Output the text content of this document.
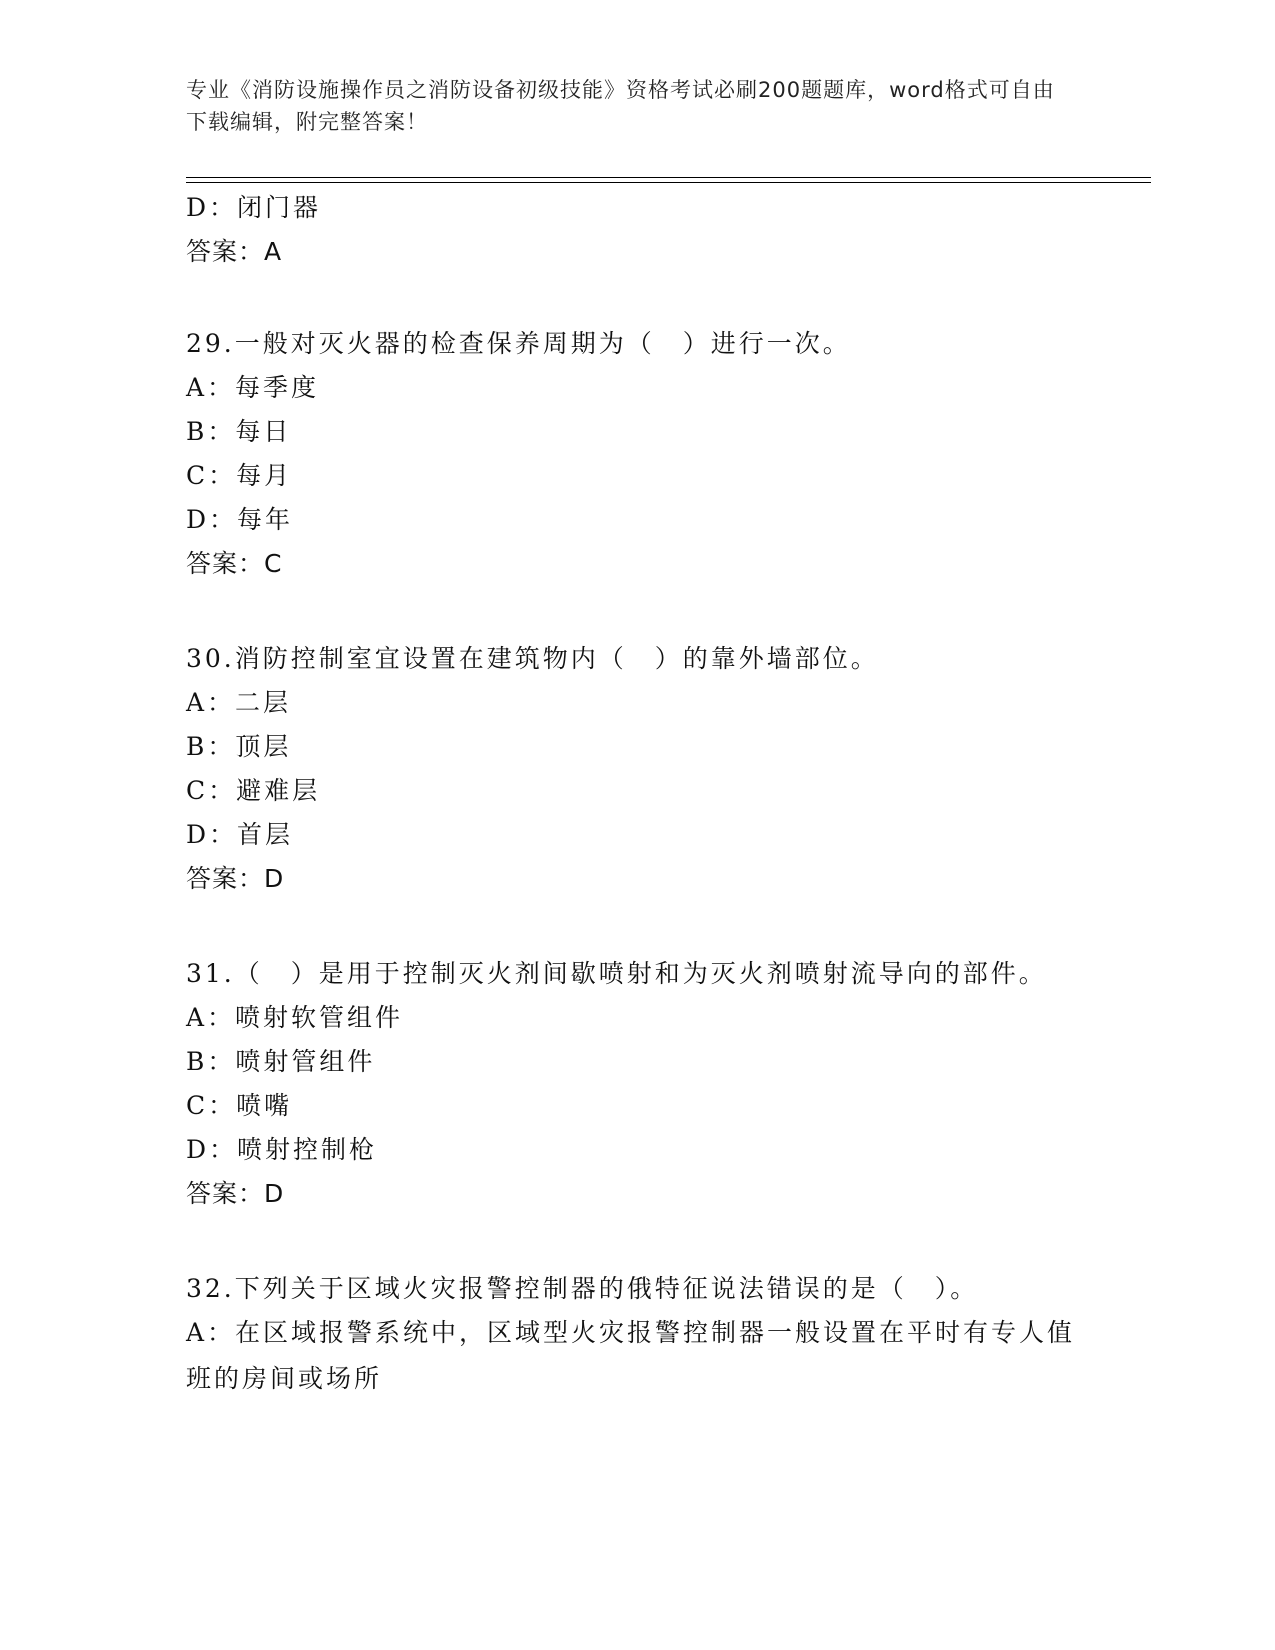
专业《消防设施操作员之消防设备初级技能》资格考试必刷200题题库，word格式可自由下载编辑，附完整答案！
D：闭门器
答案：A
29.一般对灭火器的检查保养周期为（　）进行一次。
A：每季度
B：每日
C：每月
D：每年
答案：C
30.消防控制室宜设置在建筑物内（　）的靠外墙部位。
A：二层
B：顶层
C：避难层
D：首层
答案：D
31.（　）是用于控制灭火剂间歇喷射和为灭火剂喷射流导向的部件。
A：喷射软管组件
B：喷射管组件
C：喷嘴
D：喷射控制枪
答案：D
32.下列关于区域火灾报警控制器的俄特征说法错误的是（　）。
A：在区域报警系统中，区域型火灾报警控制器一般设置在平时有专人值班的房间或场所
